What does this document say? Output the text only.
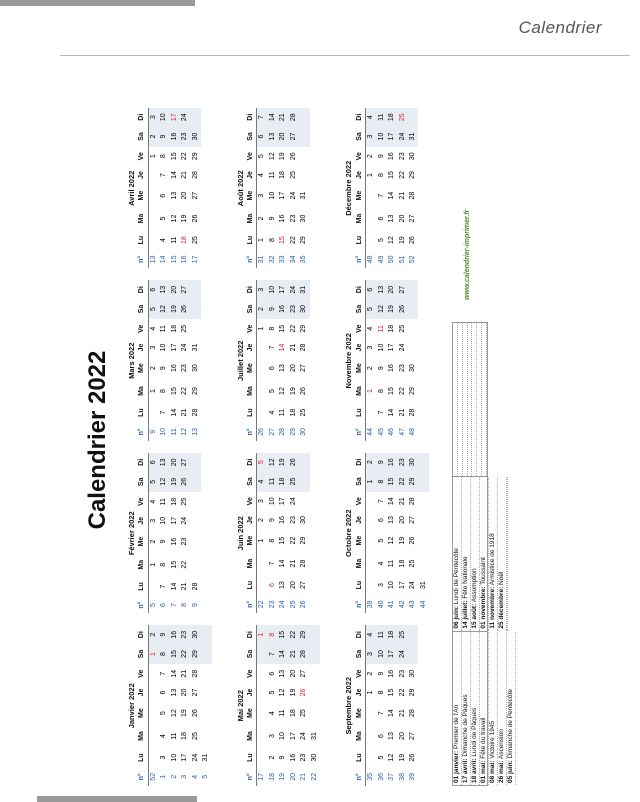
Calendrier
Calendrier 2022
Janvier 2022
n°	Lu	Ma	Me	Je	Ve	Sa	Di
52						1	2
1	3	4	5	6	7	8	9
2	10	11	12	13	14	15	16
3	17	18	19	20	21	22	23
4	24	25	26	27	28	29	30
5	31						
Février 2022
n°	Lu	Ma	Me	Je	Ve	Sa	Di
5		1	2	3	4	5	6
6	7	8	9	10	11	12	13
7	14	15	16	17	18	19	20
8	21	22	23	24	25	26	27
9	28						
Mars 2022
n°	Lu	Ma	Me	Je	Ve	Sa	Di
9		1	2	3	4	5	6
10	7	8	9	10	11	12	13
11	14	15	16	17	18	19	20
12	21	22	23	24	25	26	27
13	28	29	30	31			
Avril 2022
n°	Lu	Ma	Me	Je	Ve	Sa	Di
13					1	2	3
14	4	5	6	7	8	9	10
15	11	12	13	14	15	16	17
16	18	19	20	21	22	23	24
17	25	26	27	28	29	30	
Mai 2022
n°	Lu	Ma	Me	Je	Ve	Sa	Di
17							1
18	2	3	4	5	6	7	8
19	9	10	11	12	13	14	15
20	16	17	18	19	20	21	22
21	23	24	25	26	27	28	29
22	30	31					
Juin 2022
n°	Lu	Ma	Me	Je	Ve	Sa	Di
22			1	2	3	4	5
23	6	7	8	9	10	11	12
24	13	14	15	16	17	18	19
25	20	21	22	23	24	25	26
26	27	28	29	30			
Juillet 2022
n°	Lu	Ma	Me	Je	Ve	Sa	Di
26					1	2	3
27	4	5	6	7	8	9	10
28	11	12	13	14	15	16	17
29	18	19	20	21	22	23	24
30	25	26	27	28	29	30	31
Août 2022
n°	Lu	Ma	Me	Je	Ve	Sa	Di
31	1	2	3	4	5	6	7
32	8	9	10	11	12	13	14
33	15	16	17	18	19	20	21
34	22	23	24	25	26	27	28
35	29	30	31				
Septembre 2022
n°	Lu	Ma	Me	Je	Ve	Sa	Di
35				1	2	3	4
36	5	6	7	8	9	10	11
37	12	13	14	15	16	17	18
38	19	20	21	22	23	24	25
39	26	27	28	29	30		
Octobre 2022
n°	Lu	Ma	Me	Je	Ve	Sa	Di
39						1	2
40	3	4	5	6	7	8	9
41	10	11	12	13	14	15	16
42	17	18	19	20	21	22	23
43	24	25	26	27	28	29	30
44	31						
Novembre 2022
n°	Lu	Ma	Me	Je	Ve	Sa	Di
44		1	2	3	4	5	6
45	7	8	9	10	11	12	13
46	14	15	16	17	18	19	20
47	21	22	23	24	25	26	27
48	28	29	30				
Décembre 2022
n°	Lu	Ma	Me	Je	Ve	Sa	Di
48				1	2	3	4
49	5	6	7	8	9	10	11
50	12	13	14	15	16	17	18
51	19	20	21	22	23	24	25
52	26	27	28	29	30	31	
01 janvier: Premier de l'An
17 avril: Dimanche de Pâques
18 avril: Lundi de Pâques
01 mai: Fête du travail
08 mai: Victoire 1945
26 mai: Ascension
05 juin: Dimanche de Pentecôte
06 juin: Lundi de Pentecôte
14 juillet: Fête Nationale
15 août: Assomption
01 novembre: Toussaint
11 novembre: Armistice de 1918
25 décembre: Noël
www.calendrier-imprimer.fr
